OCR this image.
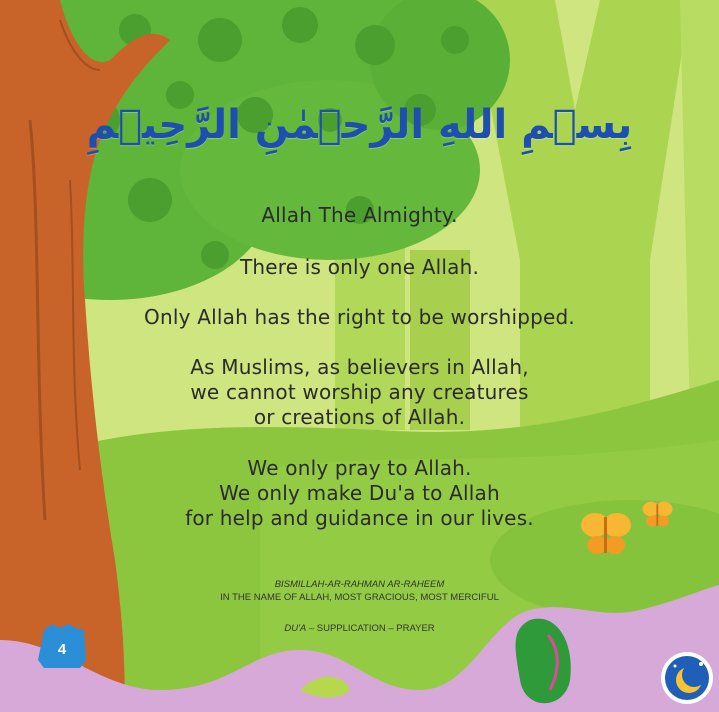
بِسۡمِ اللهِ الرَّحۡمٰنِ الرَّحِيۡمِ
Allah The Almighty.
There is only one Allah.
Only Allah has the right to be worshipped.
As Muslims, as believers in Allah,
we cannot worship any creatures
or creations of Allah.
We only pray to Allah.
We only make Du'a to Allah
for help and guidance in our lives.
BISMILLAH-AR-RAHMAN AR-RAHEEM
IN THE NAME OF ALLAH, MOST GRACIOUS, MOST MERCIFUL
DU'A – SUPPLICATION – PRAYER
4
